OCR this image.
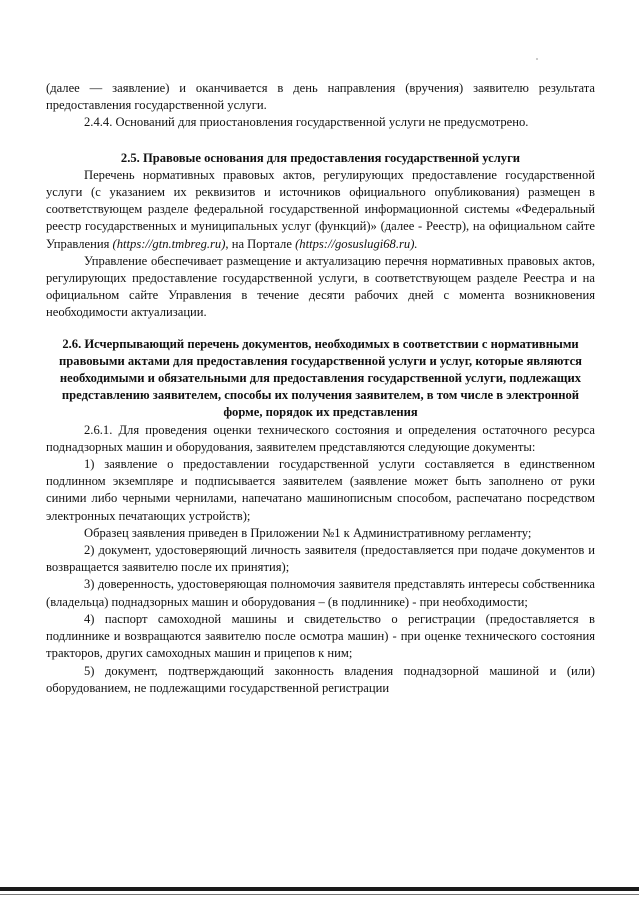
(далее — заявление) и оканчивается в день направления (вручения) заявителю результата предоставления государственной услуги.

2.4.4. Оснований для приостановления государственной услуги не предусмотрено.

2.5. Правовые основания для предоставления государственной услуги

Перечень нормативных правовых актов, регулирующих предоставление государственной услуги (с указанием их реквизитов и источников официального опубликования) размещен в соответствующем разделе федеральной государственной информационной системы «Федеральный реестр государственных и муниципальных услуг (функций)» (далее - Реестр), на официальном сайте Управления (https://gtn.tmbreg.ru), на Портале (https://gosuslugi68.ru).

Управление обеспечивает размещение и актуализацию перечня нормативных правовых актов, регулирующих предоставление государственной услуги, в соответствующем разделе Реестра и на официальном сайте Управления в течение десяти рабочих дней с момента возникновения необходимости актуализации.

2.6. Исчерпывающий перечень документов, необходимых в соответствии с нормативными правовыми актами для предоставления государственной услуги и услуг, которые являются необходимыми и обязательными для предоставления государственной услуги, подлежащих представлению заявителем, способы их получения заявителем, в том числе в электронной форме, порядок их представления

2.6.1. Для проведения оценки технического состояния и определения остаточного ресурса поднадзорных машин и оборудования, заявителем представляются следующие документы:

1) заявление о предоставлении государственной услуги составляется в единственном подлинном экземпляре и подписывается заявителем (заявление может быть заполнено от руки синими либо черными чернилами, напечатано машинописным способом, распечатано посредством электронных печатающих устройств);

Образец заявления приведен в Приложении №1 к Административному регламенту;

2) документ, удостоверяющий личность заявителя (предоставляется при подаче документов и возвращается заявителю после их принятия);

3) доверенность, удостоверяющая полномочия заявителя представлять интересы собственника (владельца) поднадзорных машин и оборудования – (в подлиннике) - при необходимости;

4) паспорт самоходной машины и свидетельство о регистрации (предоставляется в подлиннике и возвращаются заявителю после осмотра машин) - при оценке технического состояния тракторов, других самоходных машин и прицепов к ним;

5) документ, подтверждающий законность владения поднадзорной машиной и (или) оборудованием, не подлежащими государственной регистрации
